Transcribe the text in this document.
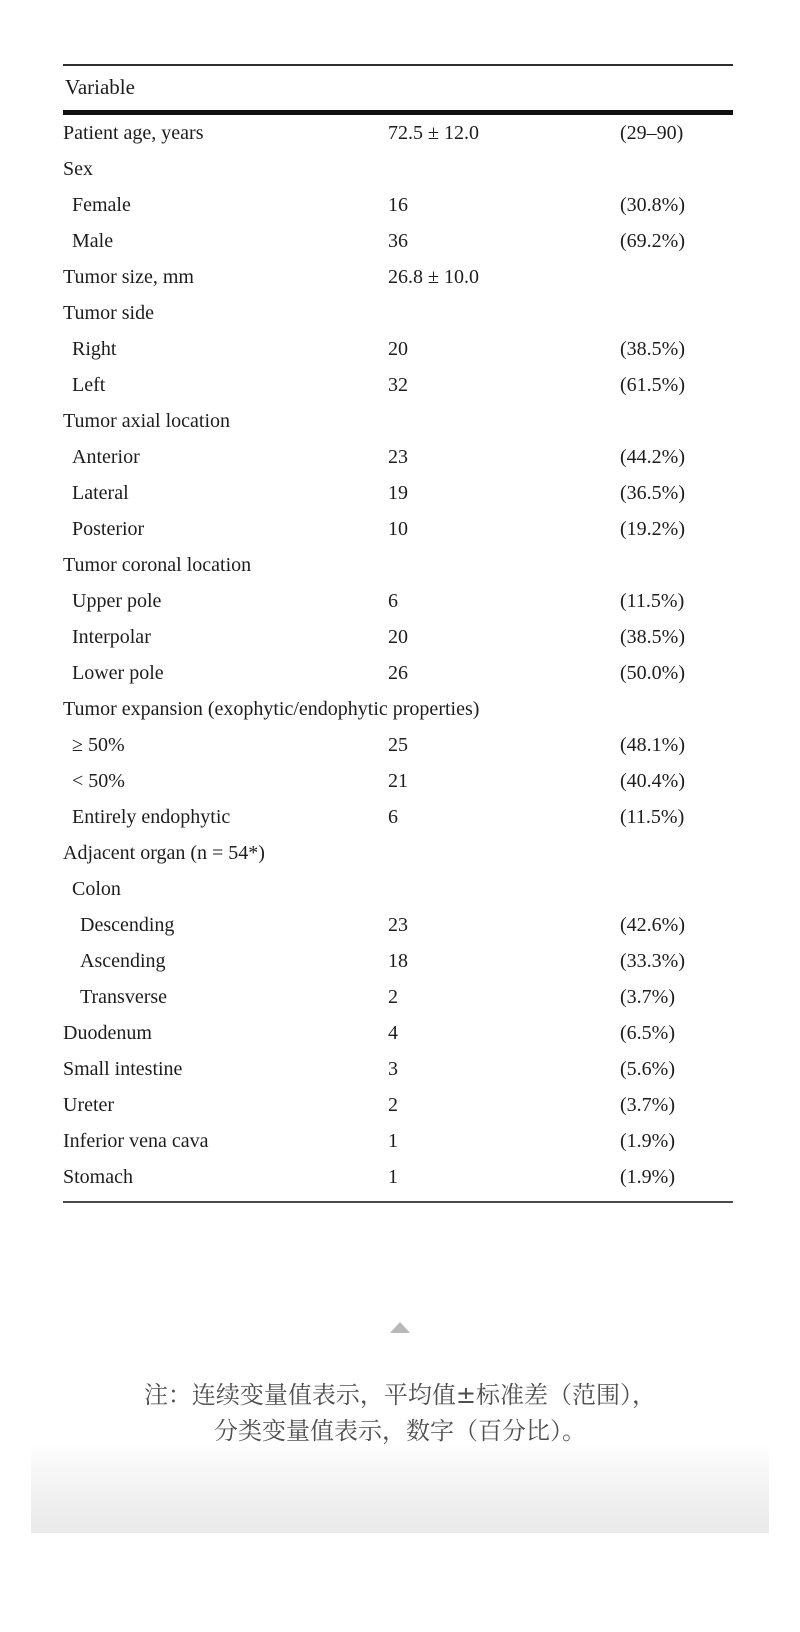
Variable
Patient age, years	72.5 ± 12.0	(29–90)
Sex
Female	16	(30.8%)
Male	36	(69.2%)
Tumor size, mm	26.8 ± 10.0
Tumor side
Right	20	(38.5%)
Left	32	(61.5%)
Tumor axial location
Anterior	23	(44.2%)
Lateral	19	(36.5%)
Posterior	10	(19.2%)
Tumor coronal location
Upper pole	6	(11.5%)
Interpolar	20	(38.5%)
Lower pole	26	(50.0%)
Tumor expansion (exophytic/endophytic properties)
≥ 50%	25	(48.1%)
< 50%	21	(40.4%)
Entirely endophytic	6	(11.5%)
Adjacent organ (n = 54*)
Colon
Descending	23	(42.6%)
Ascending	18	(33.3%)
Transverse	2	(3.7%)
Duodenum	4	(6.5%)
Small intestine	3	(5.6%)
Ureter	2	(3.7%)
Inferior vena cava	1	(1.9%)
Stomach	1	(1.9%)
注：连续变量值表示，平均值±标准差（范围），
分类变量值表示，数字（百分比）。
